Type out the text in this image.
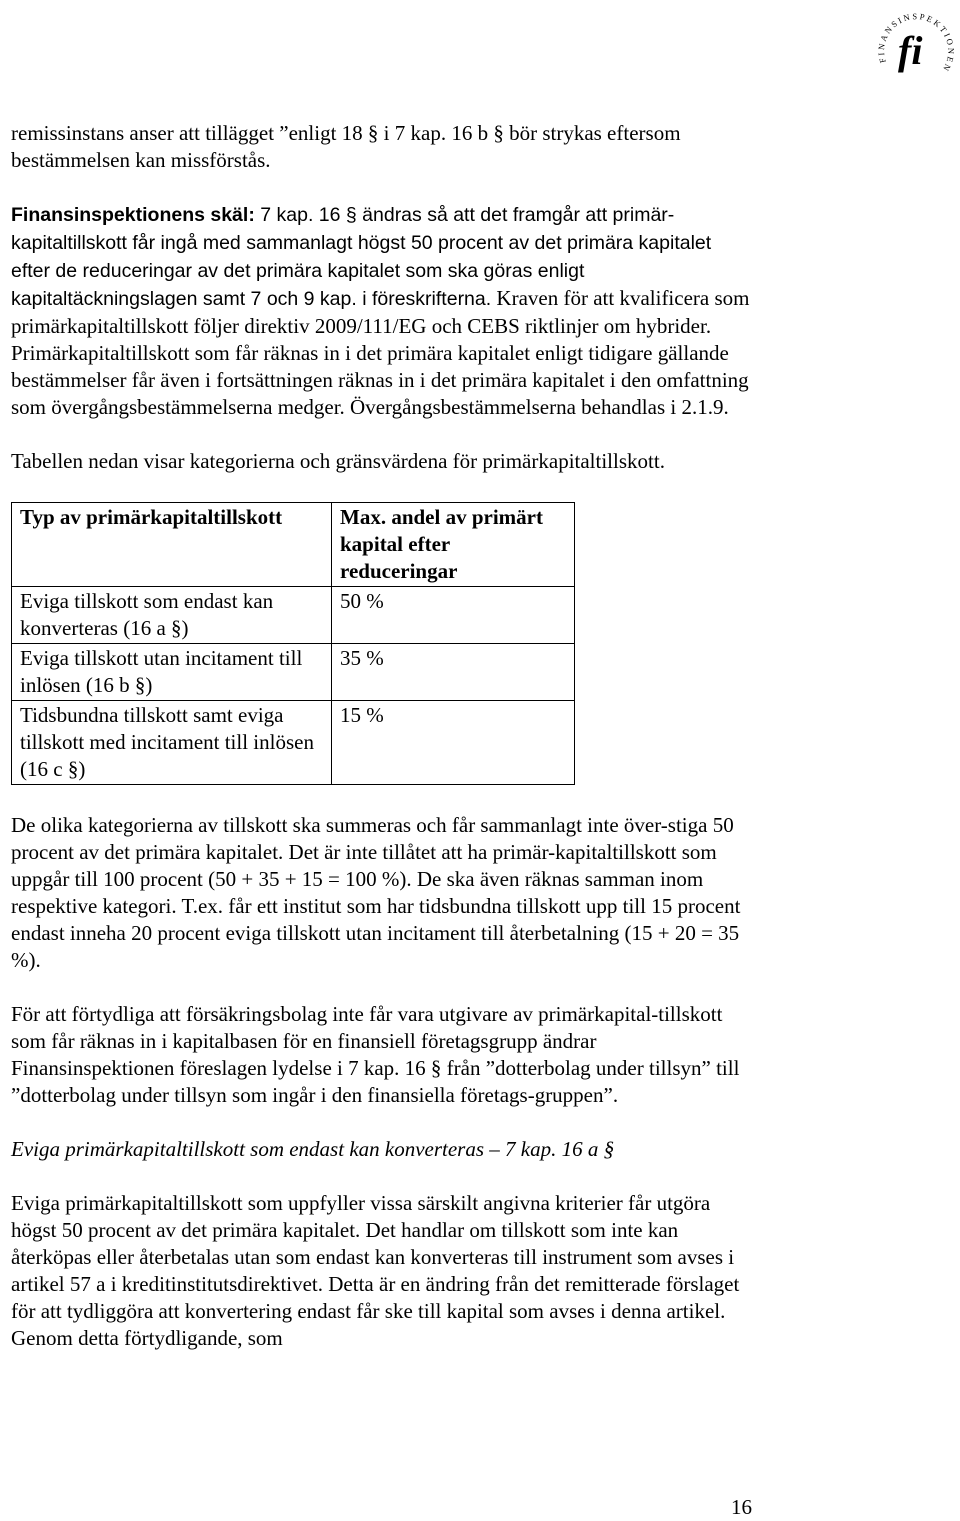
FINANSINSPEKTIONEN
fi

remissinstans anser att tillägget ”enligt 18 § i 7 kap. 16 b § bör strykas eftersom bestämmelsen kan missförstås.

Finansinspektionens skäl: 7 kap. 16 § ändras så att det framgår att primär-kapitaltillskott får ingå med sammanlagt högst 50 procent av det primära kapitalet efter de reduceringar av det primära kapitalet som ska göras enligt kapitaltäckningslagen samt 7 och 9 kap. i föreskrifterna. Kraven för att kvalificera som primärkapitaltillskott följer direktiv 2009/111/EG och CEBS riktlinjer om hybrider. Primärkapitaltillskott som får räknas in i det primära kapitalet enligt tidigare gällande bestämmelser får även i fortsättningen räknas in i det primära kapitalet i den omfattning som övergångsbestämmelserna medger. Övergångsbestämmelserna behandlas i 2.1.9.

Tabellen nedan visar kategorierna och gränsvärdena för primärkapitaltillskott.

Typ av primärkapitaltillskott	Max. andel av primärt kapital efter reduceringar
Eviga tillskott som endast kan konverteras (16 a §)	50 %
Eviga tillskott utan incitament till inlösen (16 b §)	35 %
Tidsbundna tillskott samt eviga tillskott med incitament till inlösen (16 c §)	15 %

De olika kategorierna av tillskott ska summeras och får sammanlagt inte över-stiga 50 procent av det primära kapitalet. Det är inte tillåtet att ha primär-kapitaltillskott som uppgår till 100 procent (50 + 35 + 15 = 100 %). De ska även räknas samman inom respektive kategori. T.ex. får ett institut som har tidsbundna tillskott upp till 15 procent endast inneha 20 procent eviga tillskott utan incitament till återbetalning (15 + 20 = 35 %).

För att förtydliga att försäkringsbolag inte får vara utgivare av primärkapital-tillskott som får räknas in i kapitalbasen för en finansiell företagsgrupp ändrar Finansinspektionen föreslagen lydelse i 7 kap. 16 § från ”dotterbolag under tillsyn” till ”dotterbolag under tillsyn som ingår i den finansiella företags-gruppen”.

Eviga primärkapitaltillskott som endast kan konverteras – 7 kap. 16 a §

Eviga primärkapitaltillskott som uppfyller vissa särskilt angivna kriterier får utgöra högst 50 procent av det primära kapitalet. Det handlar om tillskott som inte kan återköpas eller återbetalas utan som endast kan konverteras till instrument som avses i artikel 57 a i kreditinstitutsdirektivet. Detta är en ändring från det remitterade förslaget för att tydliggöra att konvertering endast får ske till kapital som avses i denna artikel. Genom detta förtydligande, som

16
